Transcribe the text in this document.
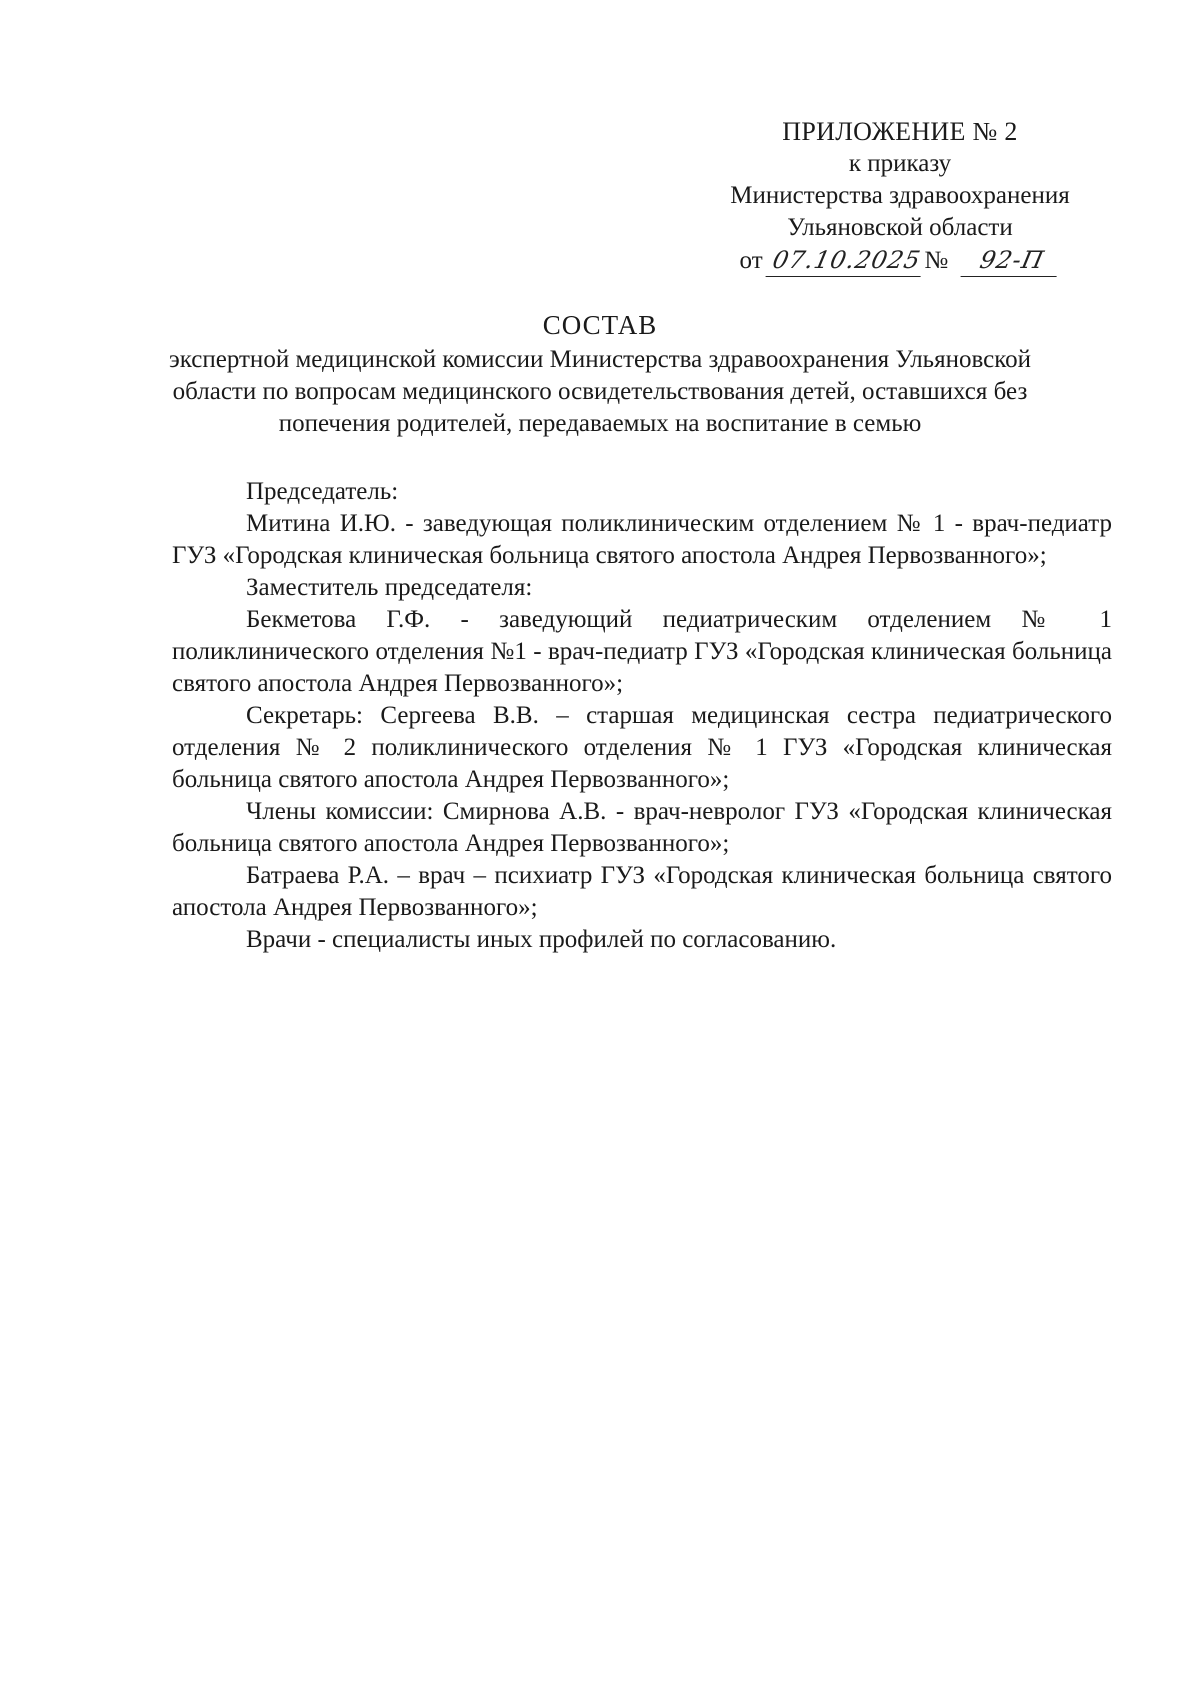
ПРИЛОЖЕНИЕ № 2
к приказу
Министерства здравоохранения
Ульяновской области
от 07.10.2025№ 92-П
СОСТАВ
экспертной медицинской комиссии Министерства здравоохранения Ульяновской области по вопросам медицинского освидетельствования детей, оставшихся без попечения родителей, передаваемых на воспитание в семью

Председатель:

Митина И.Ю. - заведующая поликлиническим отделением № 1 - врач-педиатр ГУЗ «Городская клиническая больница святого апостола Андрея Первозванного»;

Заместитель председателя:

Бекметова Г.Ф. - заведующий педиатрическим отделением № 1 поликлинического отделения №1 - врач-педиатр ГУЗ «Городская клиническая больница святого апостола Андрея Первозванного»;

Секретарь: Сергеева В.В. – старшая медицинская сестра педиатрического отделения № 2 поликлинического отделения № 1 ГУЗ «Городская клиническая больница святого апостола Андрея Первозванного»;

Члены комиссии: Смирнова А.В. - врач-невролог ГУЗ «Городская клиническая больница святого апостола Андрея Первозванного»;

Батраева Р.А. – врач – психиатр ГУЗ «Городская клиническая больница святого апостола Андрея Первозванного»;

Врачи - специалисты иных профилей по согласованию.
